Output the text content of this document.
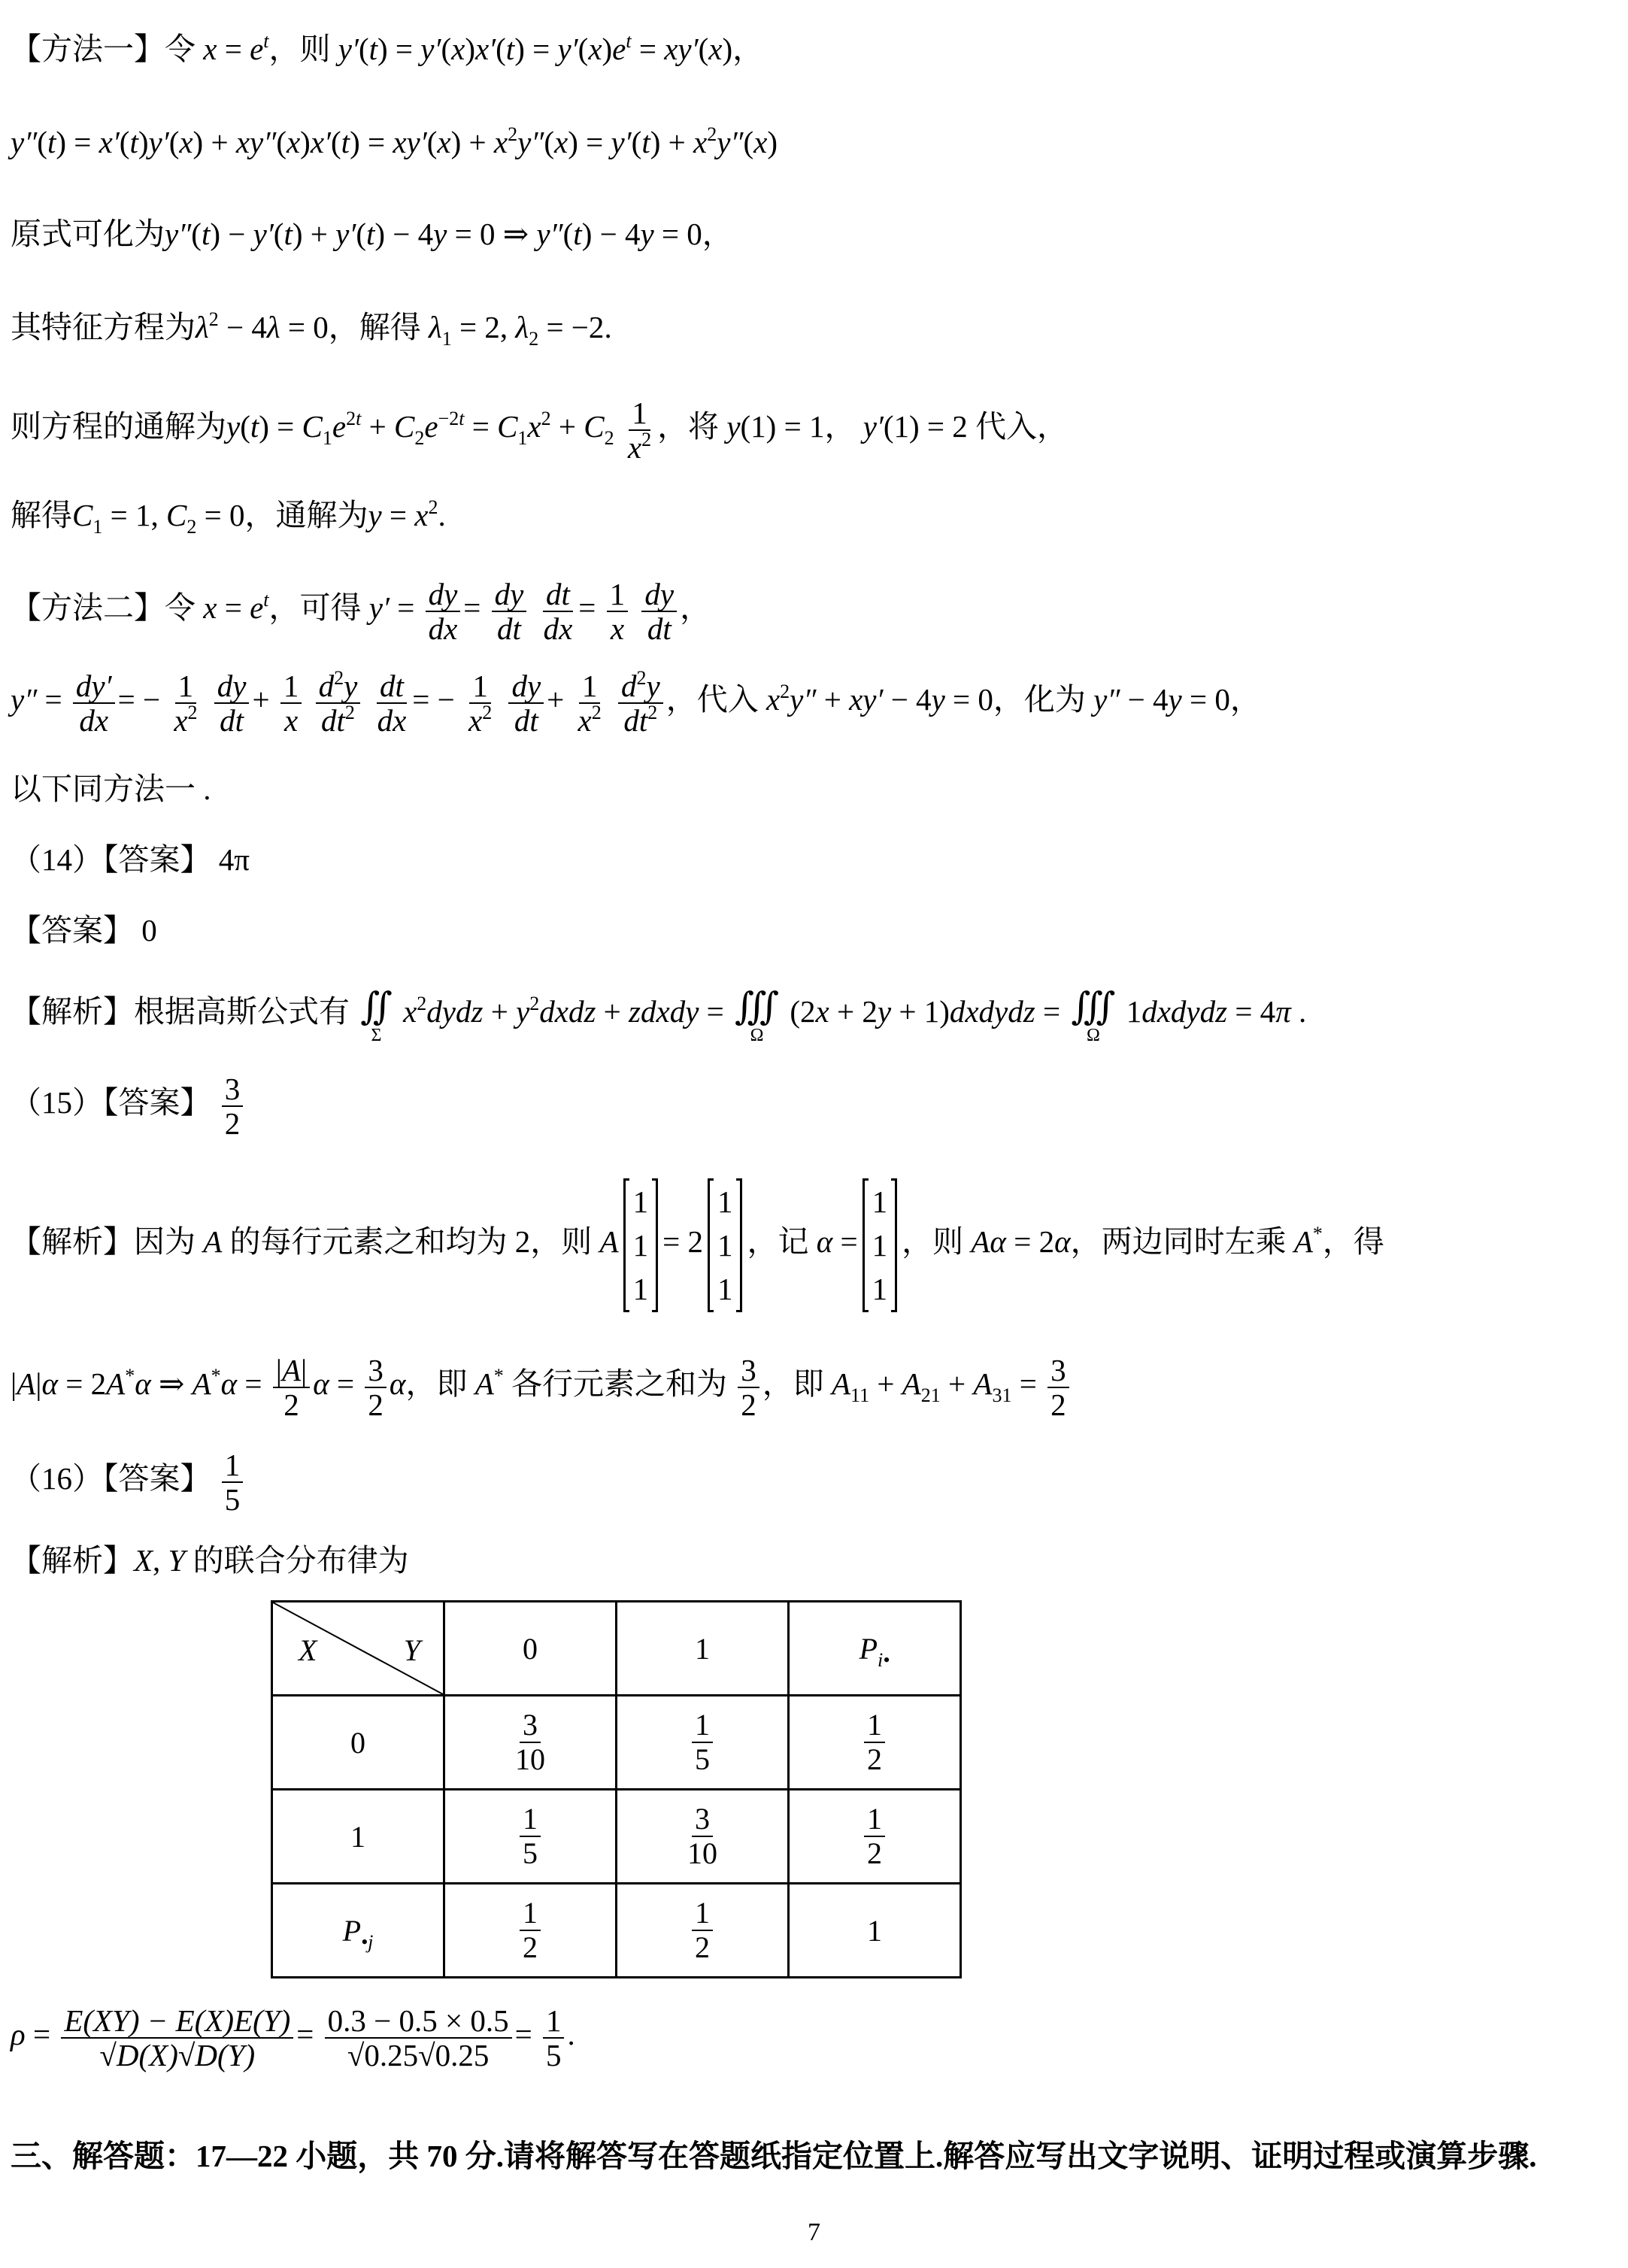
【方法一】令 $x = e^t$，则 $y'(t) = y'(x)x'(t) = y'(x)e^t = xy'(x)$，
$y''(t) = x'(t)y'(x) + xy''(x)x'(t) = xy'(x) + x^2y''(x) = y'(t) + x^2y''(x)$
原式可化为y″(t) − y′(t) + y′(t) − 4y = 0 ⇒ y″(t) − 4y = 0，
其特征方程为$\lambda^2 - 4\lambda = 0$，解得 $\lambda_1 = 2$, $\lambda_2 = -2$.
则方程的通解为$y(t) = C_1e^{2t} + C_2e^{-2t} = C_1x^2 + C_2 \frac{1}{x^2}$ ，将 y(1) = 1， y′(1) = 2 代入，
解得$C_1 = 1$, $C_2 = 0$，通解为$y = x^2$.
【方法二】令 $x = e^t$，可得 $y' = \frac{dy}{dx} = \frac{dy}{dt}$
$\frac{dt}{dx} = \frac{1}{x}$
$\frac{dy}{dt}$ ，
$y'' = \frac{dy'}{dx}$ = − $\frac{1}{x^2}$
$\frac{dy}{dt} + \frac{1}{x}$
$\frac{d^2y}{dt^2}$
$\frac{dt}{dx}$ = − $\frac{1}{x^2}$
$\frac{dy}{dt} + \frac{1}{x^2}$
$\frac{d^2y}{dt^2}$ ，代入 $x^2y'' + xy' - 4y = 0$，化为 y″ − 4y = 0，
以下同方法一 .
（14）【答案】 4π
【答案】 0
【解析】根据高斯公式有 ∬
Σ
$x^2dydz$ + $y^2dxdz$ + zdxdy = ∭
Ω
(2x + 2y + 1)dxdydz = ∭
Ω
1dxdydz = 4π .
（15）【答案】 $\frac{3}{2}$
【解析】因为 A 的每行元素之和均为 2，则 A
1
1
1
= 2
1
1
1
，记 α =
1
1
1
，则 Aα = 2α，两边同时左乘 A*，得
|A|α = 2A*α ⇒ $A^*\alpha = \frac{|A|}{2}$ $\alpha = \frac{3}{2}$ α，即 A* 各行元素之和为 $\frac{3}{2}$ ，即 $A_{11} + A_{21} + A_{31} = \frac{3}{2}$
（16）【答案】 $\frac{1}{5}$
【解析】X, Y 的联合分布律为
X Y	0	1	$P_{i•}$
0	$\frac{3}{10}$	$\frac{1}{5}$	$\frac{1}{2}$

1	$\frac{1}{5}$	$\frac{3}{10}$	$\frac{1}{2}$

$P_{•j}$	$\frac{1}{2}$	$\frac{1}{2}$	1
$\rho = \frac{E(XY) - E(X)E(Y)}{√D(X)√D(Y)} = \frac{0.3 - 0.5 \times 0.5}{√0.25√0.25} = \frac{1}{5}$ .
三、解答题：17—22 小题，共 70 分.请将解答写在答题纸指定位置上.解答应写出文字说明、证明过程或演算步骤.
7
